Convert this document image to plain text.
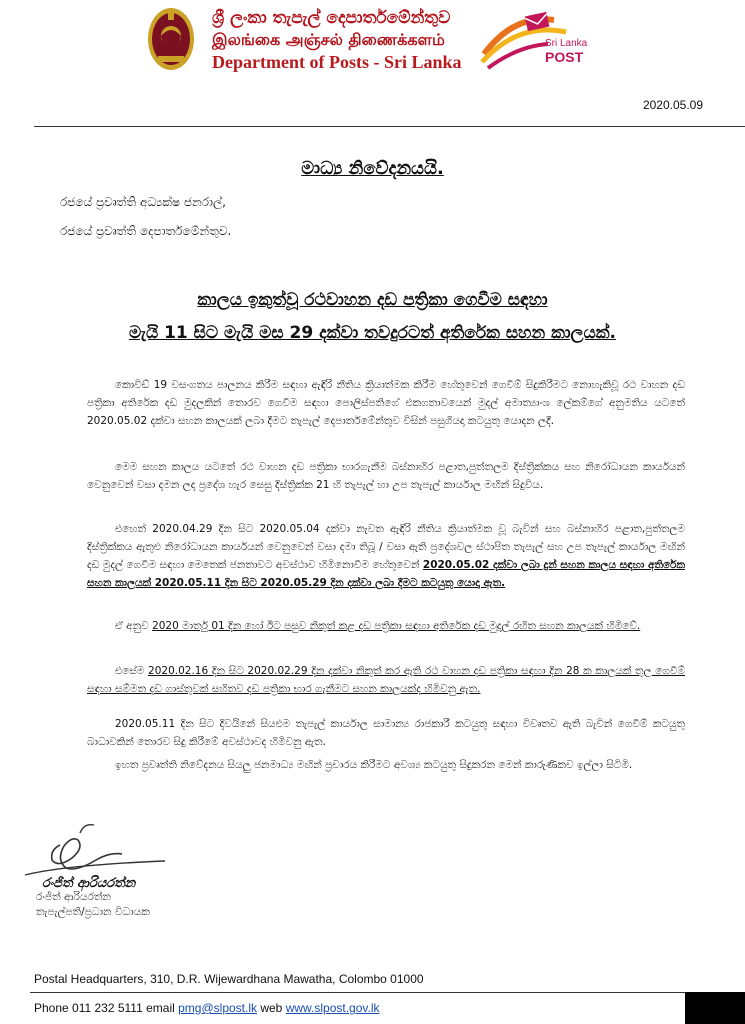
ශ්‍රී ලංකා තැපැල් දෙපාර්තමේන්තුව
இலங்கை அஞ்சல் திணைக்களம்
Department of Posts - Sri Lanka
Sri Lanka
POST
2020.05.09
මාධ්‍ය නිවේදනයයි.
රජයේ ප්‍රවෘත්ති අධ්‍යක්ෂ ජනරාල්,
රජයේ ප්‍රවෘත්ති දෙපාර්තමේන්තුව.
කාලය ඉකුත්වූ රථවාහන දඩ පත්‍රිකා ගෙවීම සඳහා
මැයි 11 සිට මැයි මස 29 දක්වා තවදුරටත් අතිරේක සහන කාලයක්.
කොවිඩ් 19 වසංගතය පාලනය කිරීම සඳහා ඇඳිරි නීතිය ක්‍රියාත්මක කිරීම හේතුවෙන් ගෙවීම් සිදුකිරීමට නොහැකිවූ රථ වාහන දඩ පත්‍රිකා අතිරේක දඩ මුදලකින් තොරව ගෙවීම සඳහා පොලිස්පතිගේ එකගතාවයෙන් මුදල් අමාත්‍යාංශ ලේකම්ගේ අනුමතිය යටතේ 2020.05.02 දක්වා සහන කාලයක් ලබා දීමට තැපැල් දෙපාර්තමේන්තුව විසින් පසුගියදා කටයුතු යොදන ලදී.
මෙම සහන කාලය යටතේ රථ වාහන දඩ පත්‍රිකා භාරගැනීම බස්නාහිර පළාත,පුත්තලම දිස්ත්‍රික්කය සහ නිරෝධායන කාර්යයන් වෙනුවෙන් වසා දමන ලද ප්‍රදේශ හැර සෙසු දිස්ත්‍රික්ක 21 හි තැපැල් හා උප තැපැල් කාර්යාල මඟින් සිදුවිය.
එහෙත් 2020.04.29 දින සිට 2020.05.04 දක්වා නැවත ඇඳිරි නීතිය ක්‍රියාත්මක වූ බැවින් සහ බස්නාහිර පළාත,පුත්තලම දිස්ත්‍රික්කය ඇතුළු නිරෝධායන කාර්යයන් වෙනුවෙන් වසා දමා තිබූ / වසා ඇති ප්‍රදේශවල ස්ථාපිත තැපැල් සහ උප තැපැල් කාර්යාල මඟින් දඩ මුදල් ගෙවීම සඳහා මෙතෙක් ජනතාවට අවස්ථාව හිමිනොවීම හේතුවෙන් 2020.05.02 දක්වා ලබා දුන් සහන කාලය සඳහා අතිරේක සහන කාලයක් 2020.05.11 දින සිට 2020.05.29 දින දක්වා ලබා දීමට කටයුතු යොදා ඇත.
ඒ අනුව 2020 මාර්තු 01 දින හෝ ඊට පසුව නිකුත් කළ දඩ පත්‍රිකා සඳහා අතිරේක දඩ මුදල් රහිත සහන කාලයක් හිමිවේ.
එසේම 2020.02.16 දින සිට 2020.02.29 දින දක්වා නිකුත් කර ඇති රථ වාහන දඩ පත්‍රිකා සඳහා දින 28 ක කාලයක් තුල ගෙවීම් සඳහා සම්මත දඩ ගාස්තුවක් සහිතව දඩ පත්‍රිකා භාර ගැනීමට සහන කාලයක්ද හිමිවනු ඇත.
2020.05.11 දින සිට දිවයිනේ සියළුම තැපැල් කාර්යාල සාමාන්‍ය රාජකාරී කටයුතු සඳහා විවෘතව ඇති බැවින් ගෙවීම් කටයුතු බාධාවකින් තොරව සිදු කිරීමේ අවස්ථාවද හිමිවනු ඇත.
ඉහත ප්‍රවෘත්ති නිවේදනය සියලු ජනමාධ්‍ය මඟින් ප්‍රචාරය කිරීමට අවශ්‍ය කටයුතු සිදුකරන මෙන් කාරුණිකව ඉල්ලා සිටිමි.
රංජිත් ආරියරත්න
රංජිත් ආරියරත්න
තැපැල්පති/ප්‍රධාන විධායක
Postal Headquarters, 310, D.R. Wijewardhana Mawatha, Colombo 01000
Phone 011 232 5111 email pmg@slpost.lk web www.slpost.gov.lk
